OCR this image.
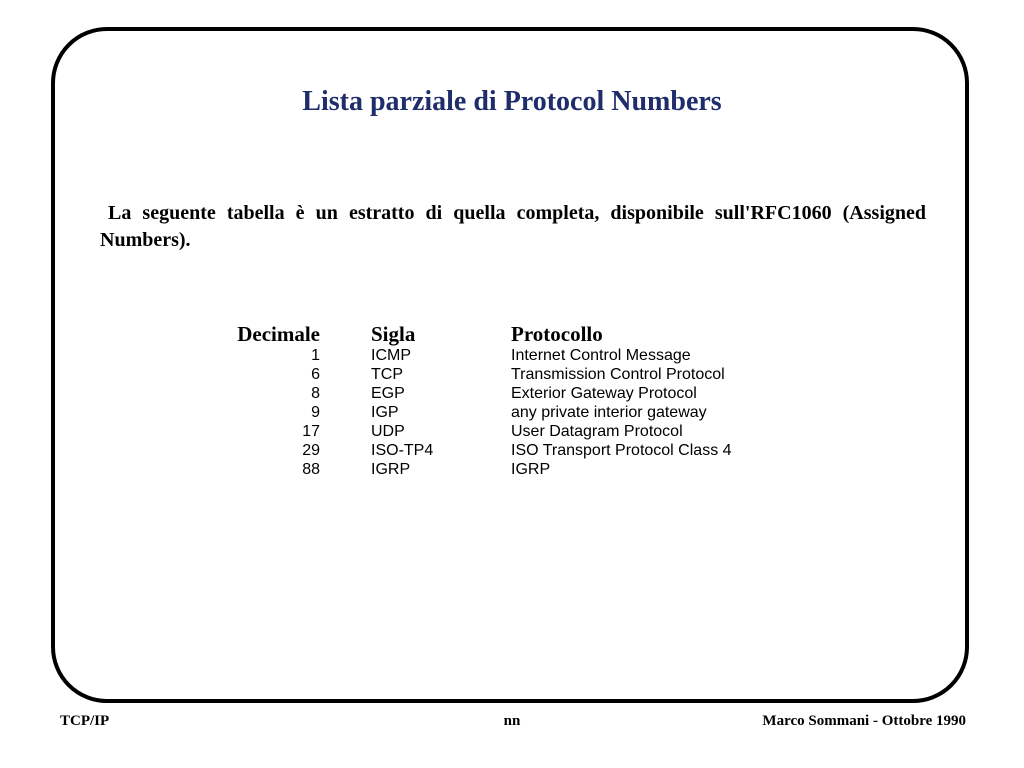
Lista parziale di Protocol Numbers
La seguente tabella è un estratto di quella completa, disponibile sull'RFC1060 (Assigned Numbers).
Decimale	Sigla	Protocollo
1	ICMP	Internet Control Message
6	TCP	Transmission Control Protocol
8	EGP	Exterior Gateway Protocol
9	IGP	any private interior gateway
17	UDP	User Datagram Protocol
29	ISO-TP4	ISO Transport Protocol Class 4
88	IGRP	IGRP
TCP/IP	nn	Marco Sommani - Ottobre 1990
